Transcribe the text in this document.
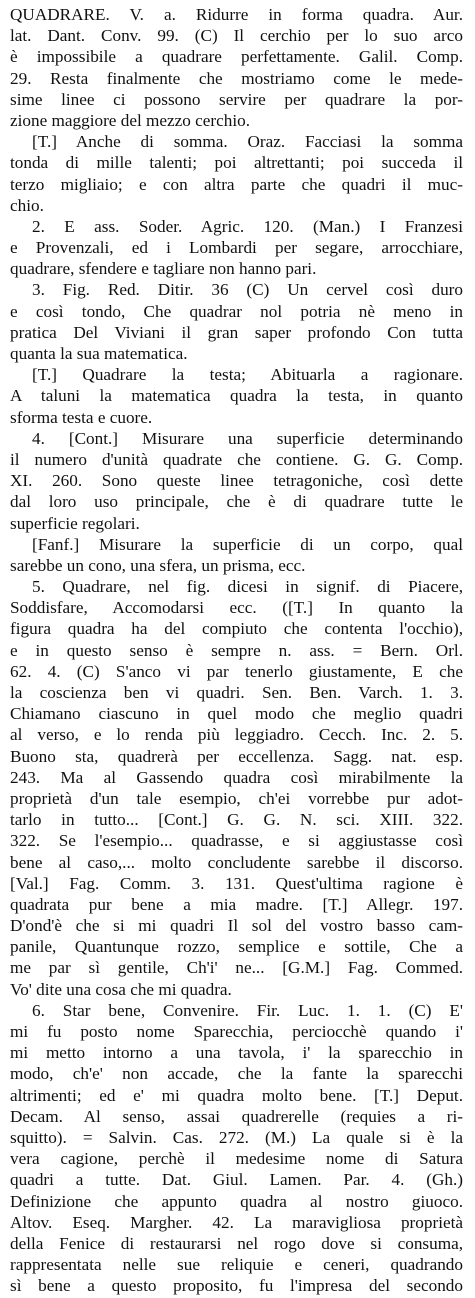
QUADRARE. V. a. Ridurre in forma quadra. Aur.
lat. Dant. Conv. 99. (C) Il cerchio per lo suo arco
è impossibile a quadrare perfettamente. Galil. Comp.
29. Resta finalmente che mostriamo come le mede-
sime linee ci possono servire per quadrare la por-
zione maggiore del mezzo cerchio.
[T.] Anche di somma. Oraz. Facciasi la somma
tonda di mille talenti; poi altrettanti; poi succeda il
terzo migliaio; e con altra parte che quadri il muc-
chio.
2. E ass. Soder. Agric. 120. (Man.) I Franzesi
e Provenzali, ed i Lombardi per segare, arrocchiare,
quadrare, sfendere e tagliare non hanno pari.
3. Fig. Red. Ditir. 36 (C) Un cervel così duro
e così tondo, Che quadrar nol potria nè meno in
pratica Del Viviani il gran saper profondo Con tutta
quanta la sua matematica.
[T.] Quadrare la testa; Abituarla a ragionare.
A taluni la matematica quadra la testa, in quanto
sforma testa e cuore.
4. [Cont.] Misurare una superficie determinando
il numero d'unità quadrate che contiene. G. G. Comp.
XI. 260. Sono queste linee tetragoniche, così dette
dal loro uso principale, che è di quadrare tutte le
superficie regolari.
[Fanf.] Misurare la superficie di un corpo, qual
sarebbe un cono, una sfera, un prisma, ecc.
5. Quadrare, nel fig. dicesi in signif. di Piacere,
Soddisfare, Accomodarsi ecc. ([T.] In quanto la
figura quadra ha del compiuto che contenta l'occhio),
e in questo senso è sempre n. ass. = Bern. Orl.
62. 4. (C) S'anco vi par tenerlo giustamente, E che
la coscienza ben vi quadri. Sen. Ben. Varch. 1. 3.
Chiamano ciascuno in quel modo che meglio quadri
al verso, e lo renda più leggiadro. Cecch. Inc. 2. 5.
Buono sta, quadrerà per eccellenza. Sagg. nat. esp.
243. Ma al Gassendo quadra così mirabilmente la
proprietà d'un tale esempio, ch'ei vorrebbe pur adot-
tarlo in tutto... [Cont.] G. G. N. sci. XIII. 322.
322. Se l'esempio... quadrasse, e si aggiustasse così
bene al caso,... molto concludente sarebbe il discorso.
[Val.] Fag. Comm. 3. 131. Quest'ultima ragione è
quadrata pur bene a mia madre. [T.] Allegr. 197.
D'ond'è che si mi quadri Il sol del vostro basso cam-
panile, Quantunque rozzo, semplice e sottile, Che a
me par sì gentile, Ch'i' ne... [G.M.] Fag. Commed.
Vo' dite una cosa che mi quadra.
6. Star bene, Convenire. Fir. Luc. 1. 1. (C) E'
mi fu posto nome Sparecchia, perciocchè quando i'
mi metto intorno a una tavola, i' la sparecchio in
modo, ch'e' non accade, che la fante la sparecchi
altrimenti; ed e' mi quadra molto bene. [T.] Deput.
Decam. Al senso, assai quadrerelle (requies a ri-
squitto). = Salvin. Cas. 272. (M.) La quale si è la
vera cagione, perchè il medesime nome di Satura
quadri a tutte. Dat. Giul. Lamen. Par. 4. (Gh.)
Definizione che appunto quadra al nostro giuoco.
Altov. Eseq. Margher. 42. La maravigliosa proprietà
della Fenice di restaurarsi nel rogo dove si consuma,
rappresentata nelle sue reliquie e ceneri, quadrando
sì bene a questo proposito, fu l'impresa del secondo
